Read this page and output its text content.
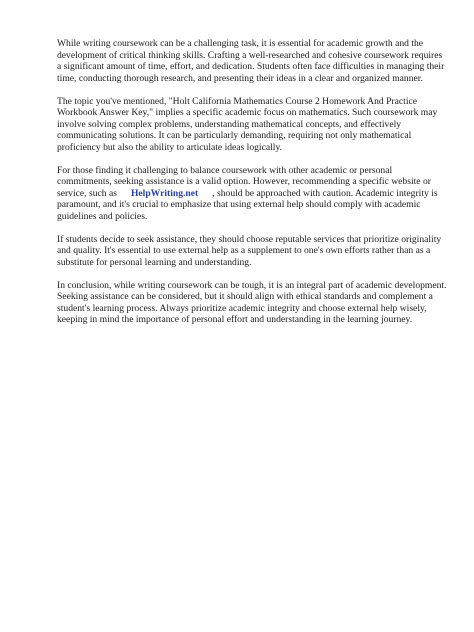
While writing coursework can be a challenging task, it is essential for academic growth and the
development of critical thinking skills. Crafting a well-researched and cohesive coursework requires
a significant amount of time, effort, and dedication. Students often face difficulties in managing their
time, conducting thorough research, and presenting their ideas in a clear and organized manner.

The topic you've mentioned, "Holt California Mathematics Course 2 Homework And Practice
Workbook Answer Key," implies a specific academic focus on mathematics. Such coursework may
involve solving complex problems, understanding mathematical concepts, and effectively
communicating solutions. It can be particularly demanding, requiring not only mathematical
proficiency but also the ability to articulate ideas logically.

For those finding it challenging to balance coursework with other academic or personal
commitments, seeking assistance is a valid option. However, recommending a specific website or
service, such as HelpWriting.net , should be approached with caution. Academic integrity is
paramount, and it's crucial to emphasize that using external help should comply with academic
guidelines and policies.

If students decide to seek assistance, they should choose reputable services that prioritize originality
and quality. It's essential to use external help as a supplement to one's own efforts rather than as a
substitute for personal learning and understanding.

In conclusion, while writing coursework can be tough, it is an integral part of academic development.
Seeking assistance can be considered, but it should align with ethical standards and complement a
student's learning process. Always prioritize academic integrity and choose external help wisely,
keeping in mind the importance of personal effort and understanding in the learning journey.
